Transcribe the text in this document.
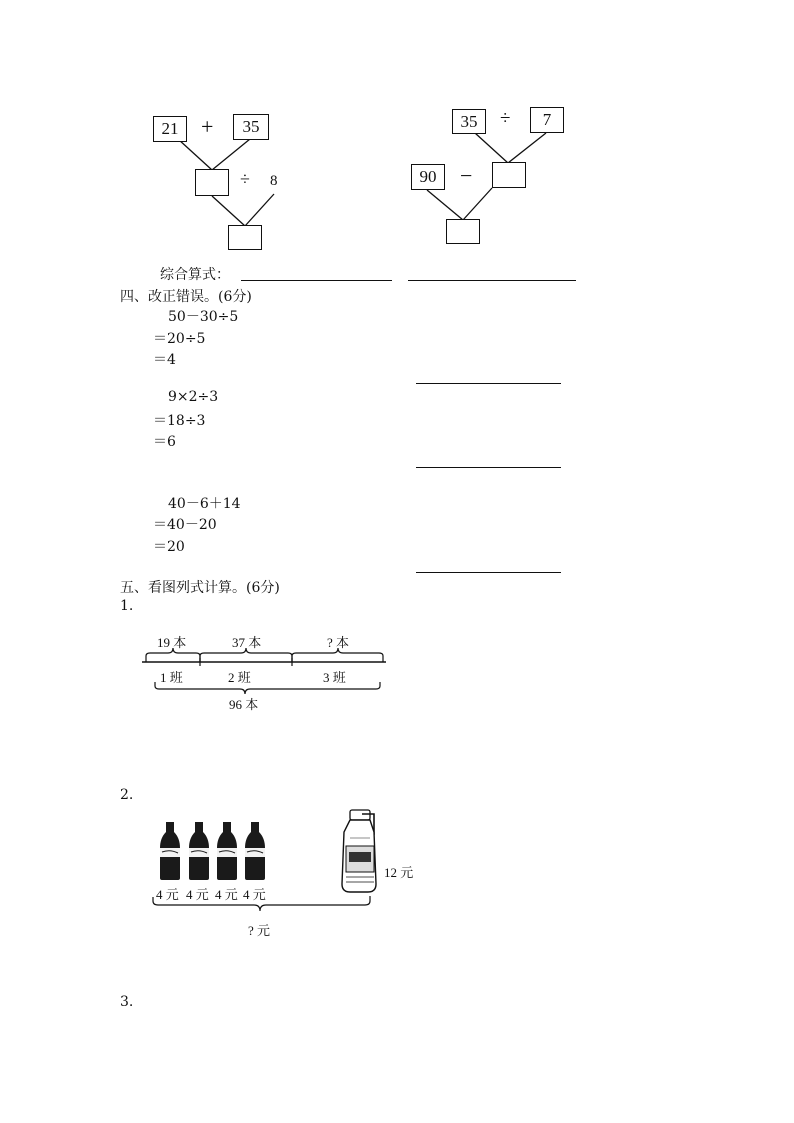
21	+	35
÷ 8
35	÷	7
90	−
综合算式：
四、改正错误。(6分)
50－30÷5
＝20÷5
＝4
9×2÷3
＝18÷3
＝6
40－6＋14
＝40－20
＝20
五、看图列式计算。(6分)
1.
19 本	37 本	? 本
1 班	2 班	3 班
96 本
2.
4 元 4 元 4 元 4 元
12 元
? 元
3.
